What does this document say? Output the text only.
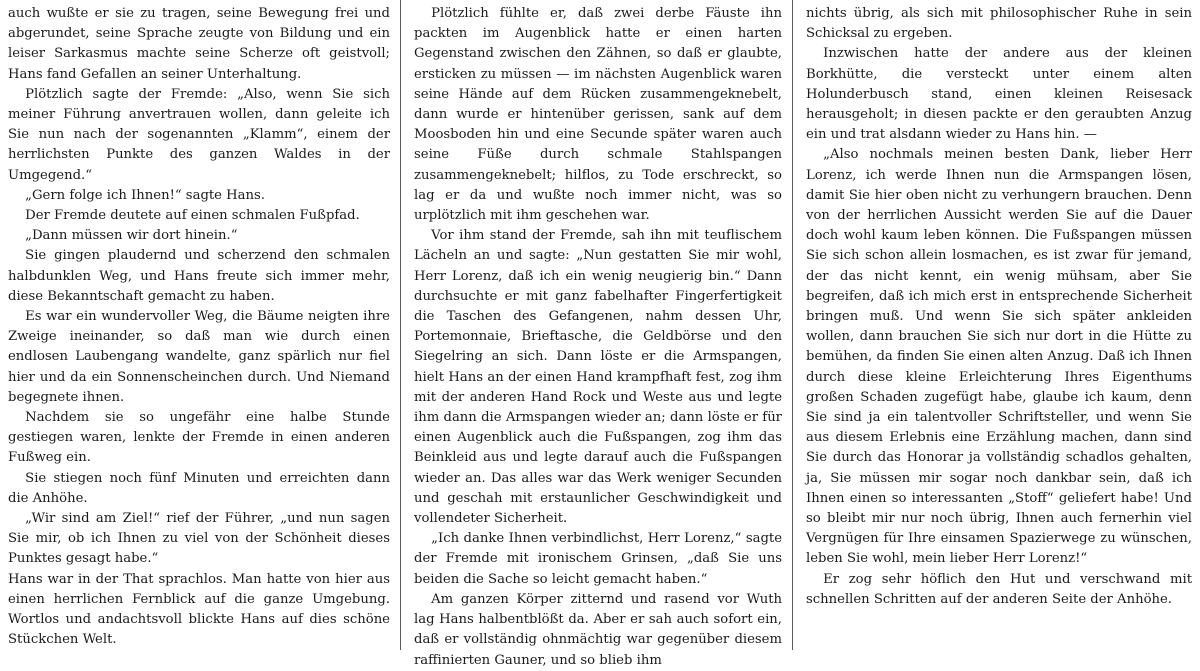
auch wußte er sie zu tragen, seine Bewegung frei und abgerundet, seine Sprache zeugte von Bildung und ein leiser Sarkasmus machte seine Scherze oft geistvoll; Hans fand Gefallen an seiner Unterhaltung.

Plötzlich sagte der Fremde: „Also, wenn Sie sich meiner Führung anvertrauen wollen, dann geleite ich Sie nun nach der sogenannten „Klamm“, einem der herrlichsten Punkte des ganzen Waldes in der Umgegend.“

„Gern folge ich Ihnen!“ sagte Hans.

Der Fremde deutete auf einen schmalen Fußpfad.

„Dann müssen wir dort hinein.“

Sie gingen plaudernd und scherzend den schmalen halbdunklen Weg, und Hans freute sich immer mehr, diese Bekanntschaft gemacht zu haben.

Es war ein wundervoller Weg, die Bäume neigten ihre Zweige ineinander, so daß man wie durch einen endlosen Laubengang wandelte, ganz spärlich nur fiel hier und da ein Sonnenscheinchen durch. Und Niemand begegnete ihnen.

Nachdem sie so ungefähr eine halbe Stunde gestiegen waren, lenkte der Fremde in einen anderen Fußweg ein.

Sie stiegen noch fünf Minuten und erreichten dann die Anhöhe.

„Wir sind am Ziel!“ rief der Führer, „und nun sagen Sie mir, ob ich Ihnen zu viel von der Schönheit dieses Punktes gesagt habe.“

Hans war in der That sprachlos. Man hatte von hier aus einen herrlichen Fernblick auf die ganze Umgebung. Wortlos und andachtsvoll blickte Hans auf dies schöne Stückchen Welt.

Plötzlich fühlte er, daß zwei derbe Fäuste ihn packten im Augenblick hatte er einen harten Gegenstand zwischen den Zähnen, so daß er glaubte, ersticken zu müssen — im nächsten Augenblick waren seine Hände auf dem Rücken zusammengeknebelt, dann wurde er hintenüber gerissen, sank auf dem Moosboden hin und eine Secunde später waren auch seine Füße durch schmale Stahlspangen zusammengeknebelt; hilflos, zu Tode erschreckt, so lag er da und wußte noch immer nicht, was so urplötzlich mit ihm geschehen war.

Vor ihm stand der Fremde, sah ihn mit teuflischem Lächeln an und sagte: „Nun gestatten Sie mir wohl, Herr Lorenz, daß ich ein wenig neugierig bin.“ Dann durchsuchte er mit ganz fabelhafter Fingerfertigkeit die Taschen des Gefangenen, nahm dessen Uhr, Portemonnaie, Brieftasche, die Geldbörse und den Siegelring an sich. Dann löste er die Armspangen, hielt Hans an der einen Hand krampfhaft fest, zog ihm mit der anderen Hand Rock und Weste aus und legte ihm dann die Armspangen wieder an; dann löste er für einen Augenblick auch die Fußspangen, zog ihm das Beinkleid aus und legte darauf auch die Fußspangen wieder an. Das alles war das Werk weniger Secunden und geschah mit erstaunlicher Geschwindigkeit und vollendeter Sicherheit.

„Ich danke Ihnen verbindlichst, Herr Lorenz,“ sagte der Fremde mit ironischem Grinsen, „daß Sie uns beiden die Sache so leicht gemacht haben.“

Am ganzen Körper zitternd und rasend vor Wuth lag Hans halbentblößt da. Aber er sah auch sofort ein, daß er vollständig ohnmächtig war gegenüber diesem raffinierten Gauner, und so blieb ihm

nichts übrig, als sich mit philosophischer Ruhe in sein Schicksal zu ergeben.

Inzwischen hatte der andere aus der kleinen Borkhütte, die versteckt unter einem alten Holunderbusch stand, einen kleinen Reisesack herausgeholt; in diesen packte er den geraubten Anzug ein und trat alsdann wieder zu Hans hin. —

„Also nochmals meinen besten Dank, lieber Herr Lorenz, ich werde Ihnen nun die Armspangen lösen, damit Sie hier oben nicht zu verhungern brauchen. Denn von der herrlichen Aussicht werden Sie auf die Dauer doch wohl kaum leben können. Die Fußspangen müssen Sie sich schon allein losmachen, es ist zwar für jemand, der das nicht kennt, ein wenig mühsam, aber Sie begreifen, daß ich mich erst in entsprechende Sicherheit bringen muß. Und wenn Sie sich später ankleiden wollen, dann brauchen Sie sich nur dort in die Hütte zu bemühen, da finden Sie einen alten Anzug. Daß ich Ihnen durch diese kleine Erleichterung Ihres Eigenthums großen Schaden zugefügt habe, glaube ich kaum, denn Sie sind ja ein talentvoller Schriftsteller, und wenn Sie aus diesem Erlebnis eine Erzählung machen, dann sind Sie durch das Honorar ja vollständig schadlos gehalten, ja, Sie müssen mir sogar noch dankbar sein, daß ich Ihnen einen so interessanten „Stoff“ geliefert habe! Und so bleibt mir nur noch übrig, Ihnen auch fernerhin viel Vergnügen für Ihre einsamen Spazierwege zu wünschen, leben Sie wohl, mein lieber Herr Lorenz!“

Er zog sehr höflich den Hut und verschwand mit schnellen Schritten auf der anderen Seite der Anhöhe.
